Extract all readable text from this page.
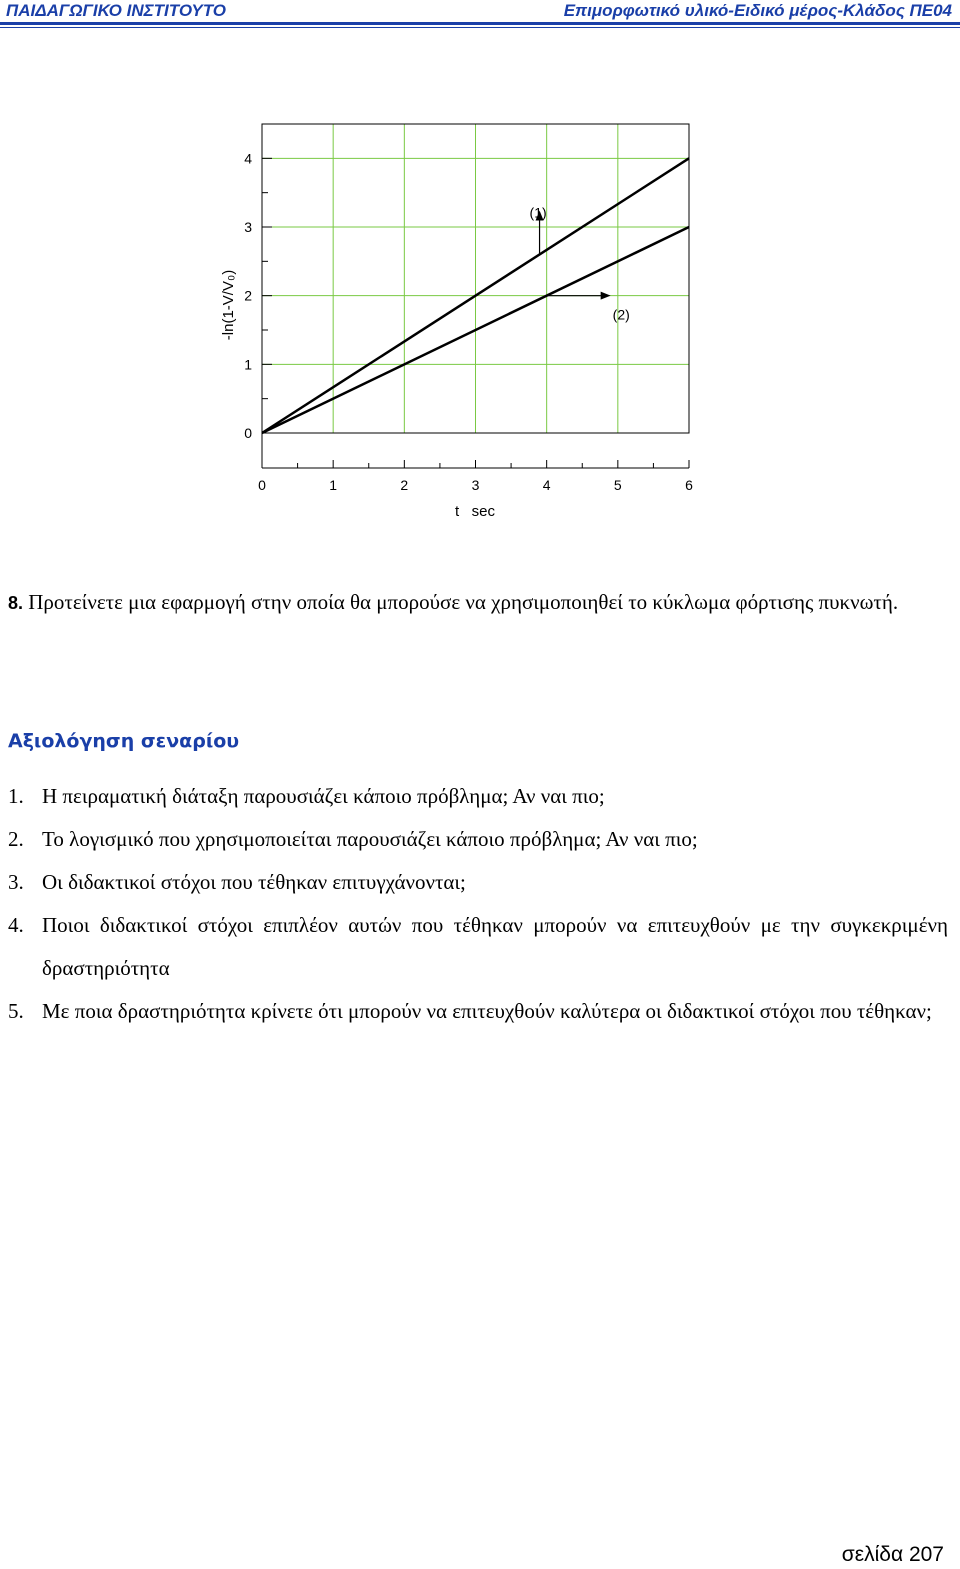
ΠΑΙΔΑΓΩΓΙΚΟ ΙΝΣΤΙΤΟΥΤΟ	Επιμορφωτικό υλικό-Ειδικό μέρος-Κλάδος ΠΕ04
0	1	2	3	4	5	6
0
1
2
3
4
(1)
(2)
t   sec
-ln(1-V/V₀)
8. Προτείνετε μια εφαρμογή στην οποία θα μπορούσε να χρησιμοποιηθεί το κύκλωμα φόρτισης πυκνωτή.
Αξιολόγηση σεναρίου
1. Η πειραματική διάταξη παρουσιάζει κάποιο πρόβλημα; Αν ναι πιο;
2. Το λογισμικό που χρησιμοποιείται παρουσιάζει κάποιο πρόβλημα; Αν ναι πιο;
3. Οι διδακτικοί στόχοι που τέθηκαν επιτυγχάνονται;
4. Ποιοι διδακτικοί στόχοι επιπλέον αυτών που τέθηκαν μπορούν να επιτευχθούν με την συγκεκριμένη δραστηριότητα
5. Με ποια δραστηριότητα κρίνετε ότι μπορούν να επιτευχθούν καλύτερα οι διδακτικοί στόχοι που τέθηκαν;
σελίδα 207
